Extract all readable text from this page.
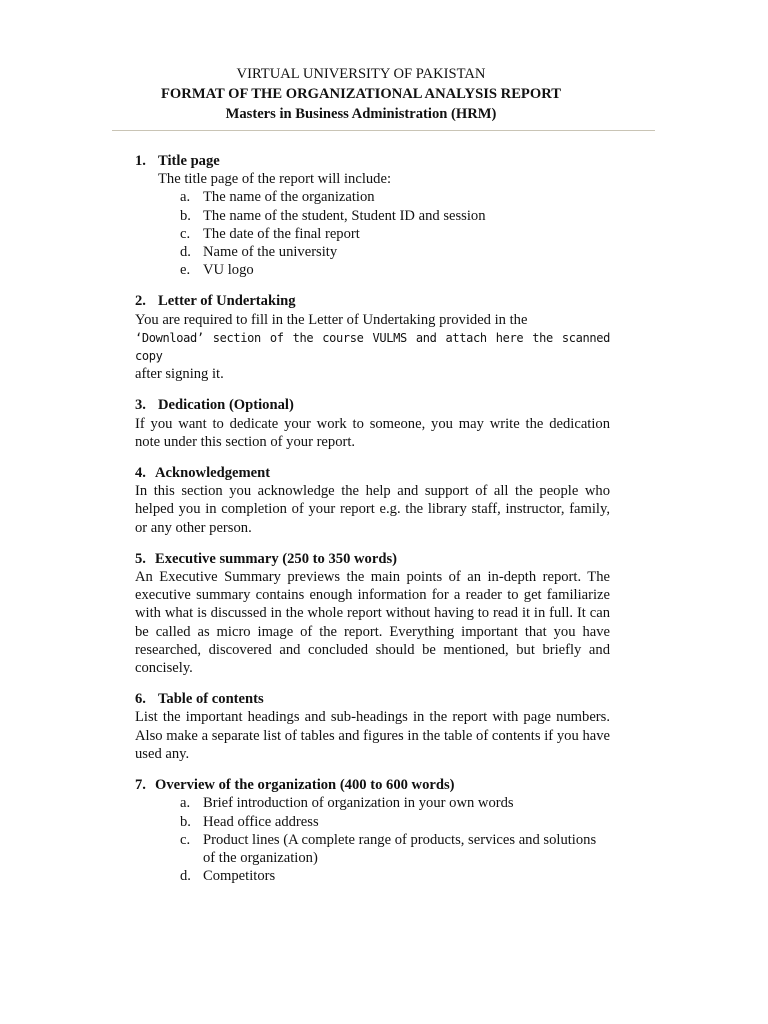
VIRTUAL UNIVERSITY OF PAKISTAN
FORMAT OF THE ORGANIZATIONAL ANALYSIS REPORT
Masters in Business Administration (HRM)
1. Title page
The title page of the report will include:
a. The name of the organization
b. The name of the student, Student ID and session
c. The date of the final report
d. Name of the university
e. VU logo
2. Letter of Undertaking
You are required to fill in the Letter of Undertaking provided in the
‘Download’ section of the course VULMS and attach here the scanned copy
after signing it.
3. Dedication (Optional)
If you want to dedicate your work to someone, you may write the dedication note under this section of your report.
4. Acknowledgement
In this section you acknowledge the help and support of all the people who helped you in completion of your report e.g. the library staff, instructor, family, or any other person.
5. Executive summary (250 to 350 words)
An Executive Summary previews the main points of an in-depth report. The executive summary contains enough information for a reader to get familiarize with what is discussed in the whole report without having to read it in full. It can be called as micro image of the report. Everything important that you have researched, discovered and concluded should be mentioned, but briefly and concisely.
6. Table of contents
List the important headings and sub-headings in the report with page numbers. Also make a separate list of tables and figures in the table of contents if you have used any.
7. Overview of the organization (400 to 600 words)
a. Brief introduction of organization in your own words
b. Head office address
c. Product lines (A complete range of products, services and solutions of the organization)
d. Competitors
